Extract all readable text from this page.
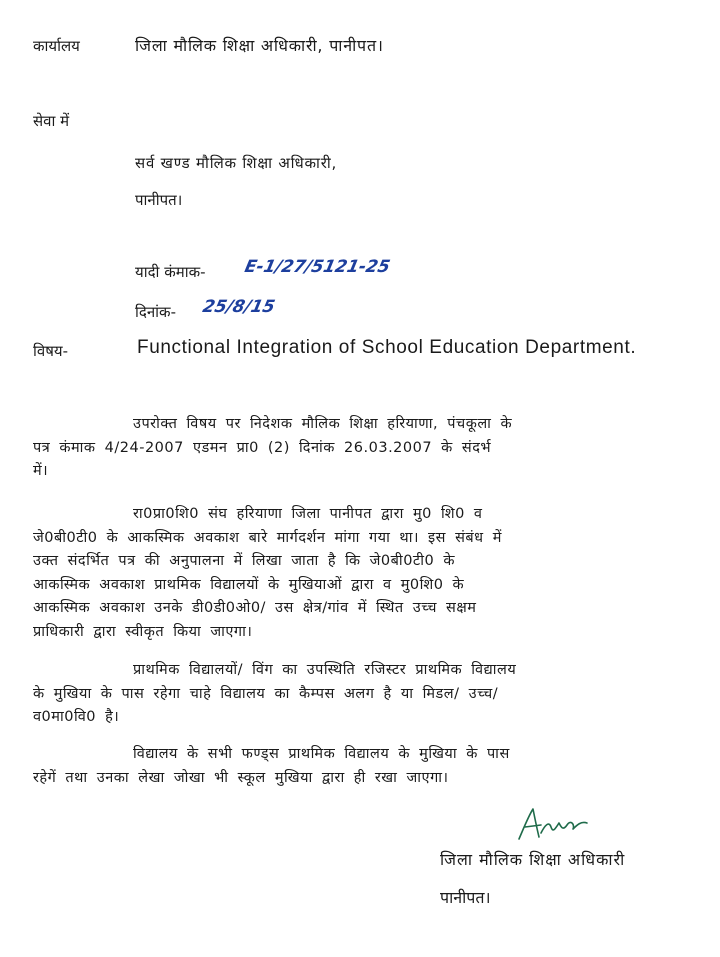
कार्यालय	जिला मौलिक शिक्षा अधिकारी, पानीपत।
सेवा में
सर्व खण्ड मौलिक शिक्षा अधिकारी,
पानीपत।
यादी कंमाक- E-1/27/5121-25
दिनांक- 25/8/15
विषय-	Functional Integration of School Education Department.
उपरोक्त विषय पर निदेशक मौलिक शिक्षा हरियाणा, पंचकूला के
पत्र कंमाक 4/24-2007 एडमन प्रा0 (2) दिनांक 26.03.2007 के संदर्भ
में।
रा0प्रा0शि0 संघ हरियाणा जिला पानीपत द्वारा मु0 शि0 व
जे0बी0टी0 के आकस्मिक अवकाश बारे मार्गदर्शन मांगा गया था। इस संबंध में
उक्त संदर्भित पत्र की अनुपालना में लिखा जाता है कि जे0बी0टी0 के
आकस्मिक अवकाश प्राथमिक विद्यालयों के मुखियाओं द्वारा व मु0शि0 के
आकस्मिक अवकाश उनके डी0डी0ओ0/ उस क्षेत्र/गांव में स्थित उच्च सक्षम
प्राधिकारी द्वारा स्वीकृत किया जाएगा।
प्राथमिक विद्यालयों/ विंग का उपस्थिति रजिस्टर प्राथमिक विद्यालय
के मुखिया के पास रहेगा चाहे विद्यालय का कैम्पस अलग है या मिडल/ उच्च/
व0मा0वि0 है।
विद्यालय के सभी फण्ड्स प्राथमिक विद्यालय के मुखिया के पास
रहेगें तथा उनका लेखा जोखा भी स्कूल मुखिया द्वारा ही रखा जाएगा।
जिला मौलिक शिक्षा अधिकारी
पानीपत।
